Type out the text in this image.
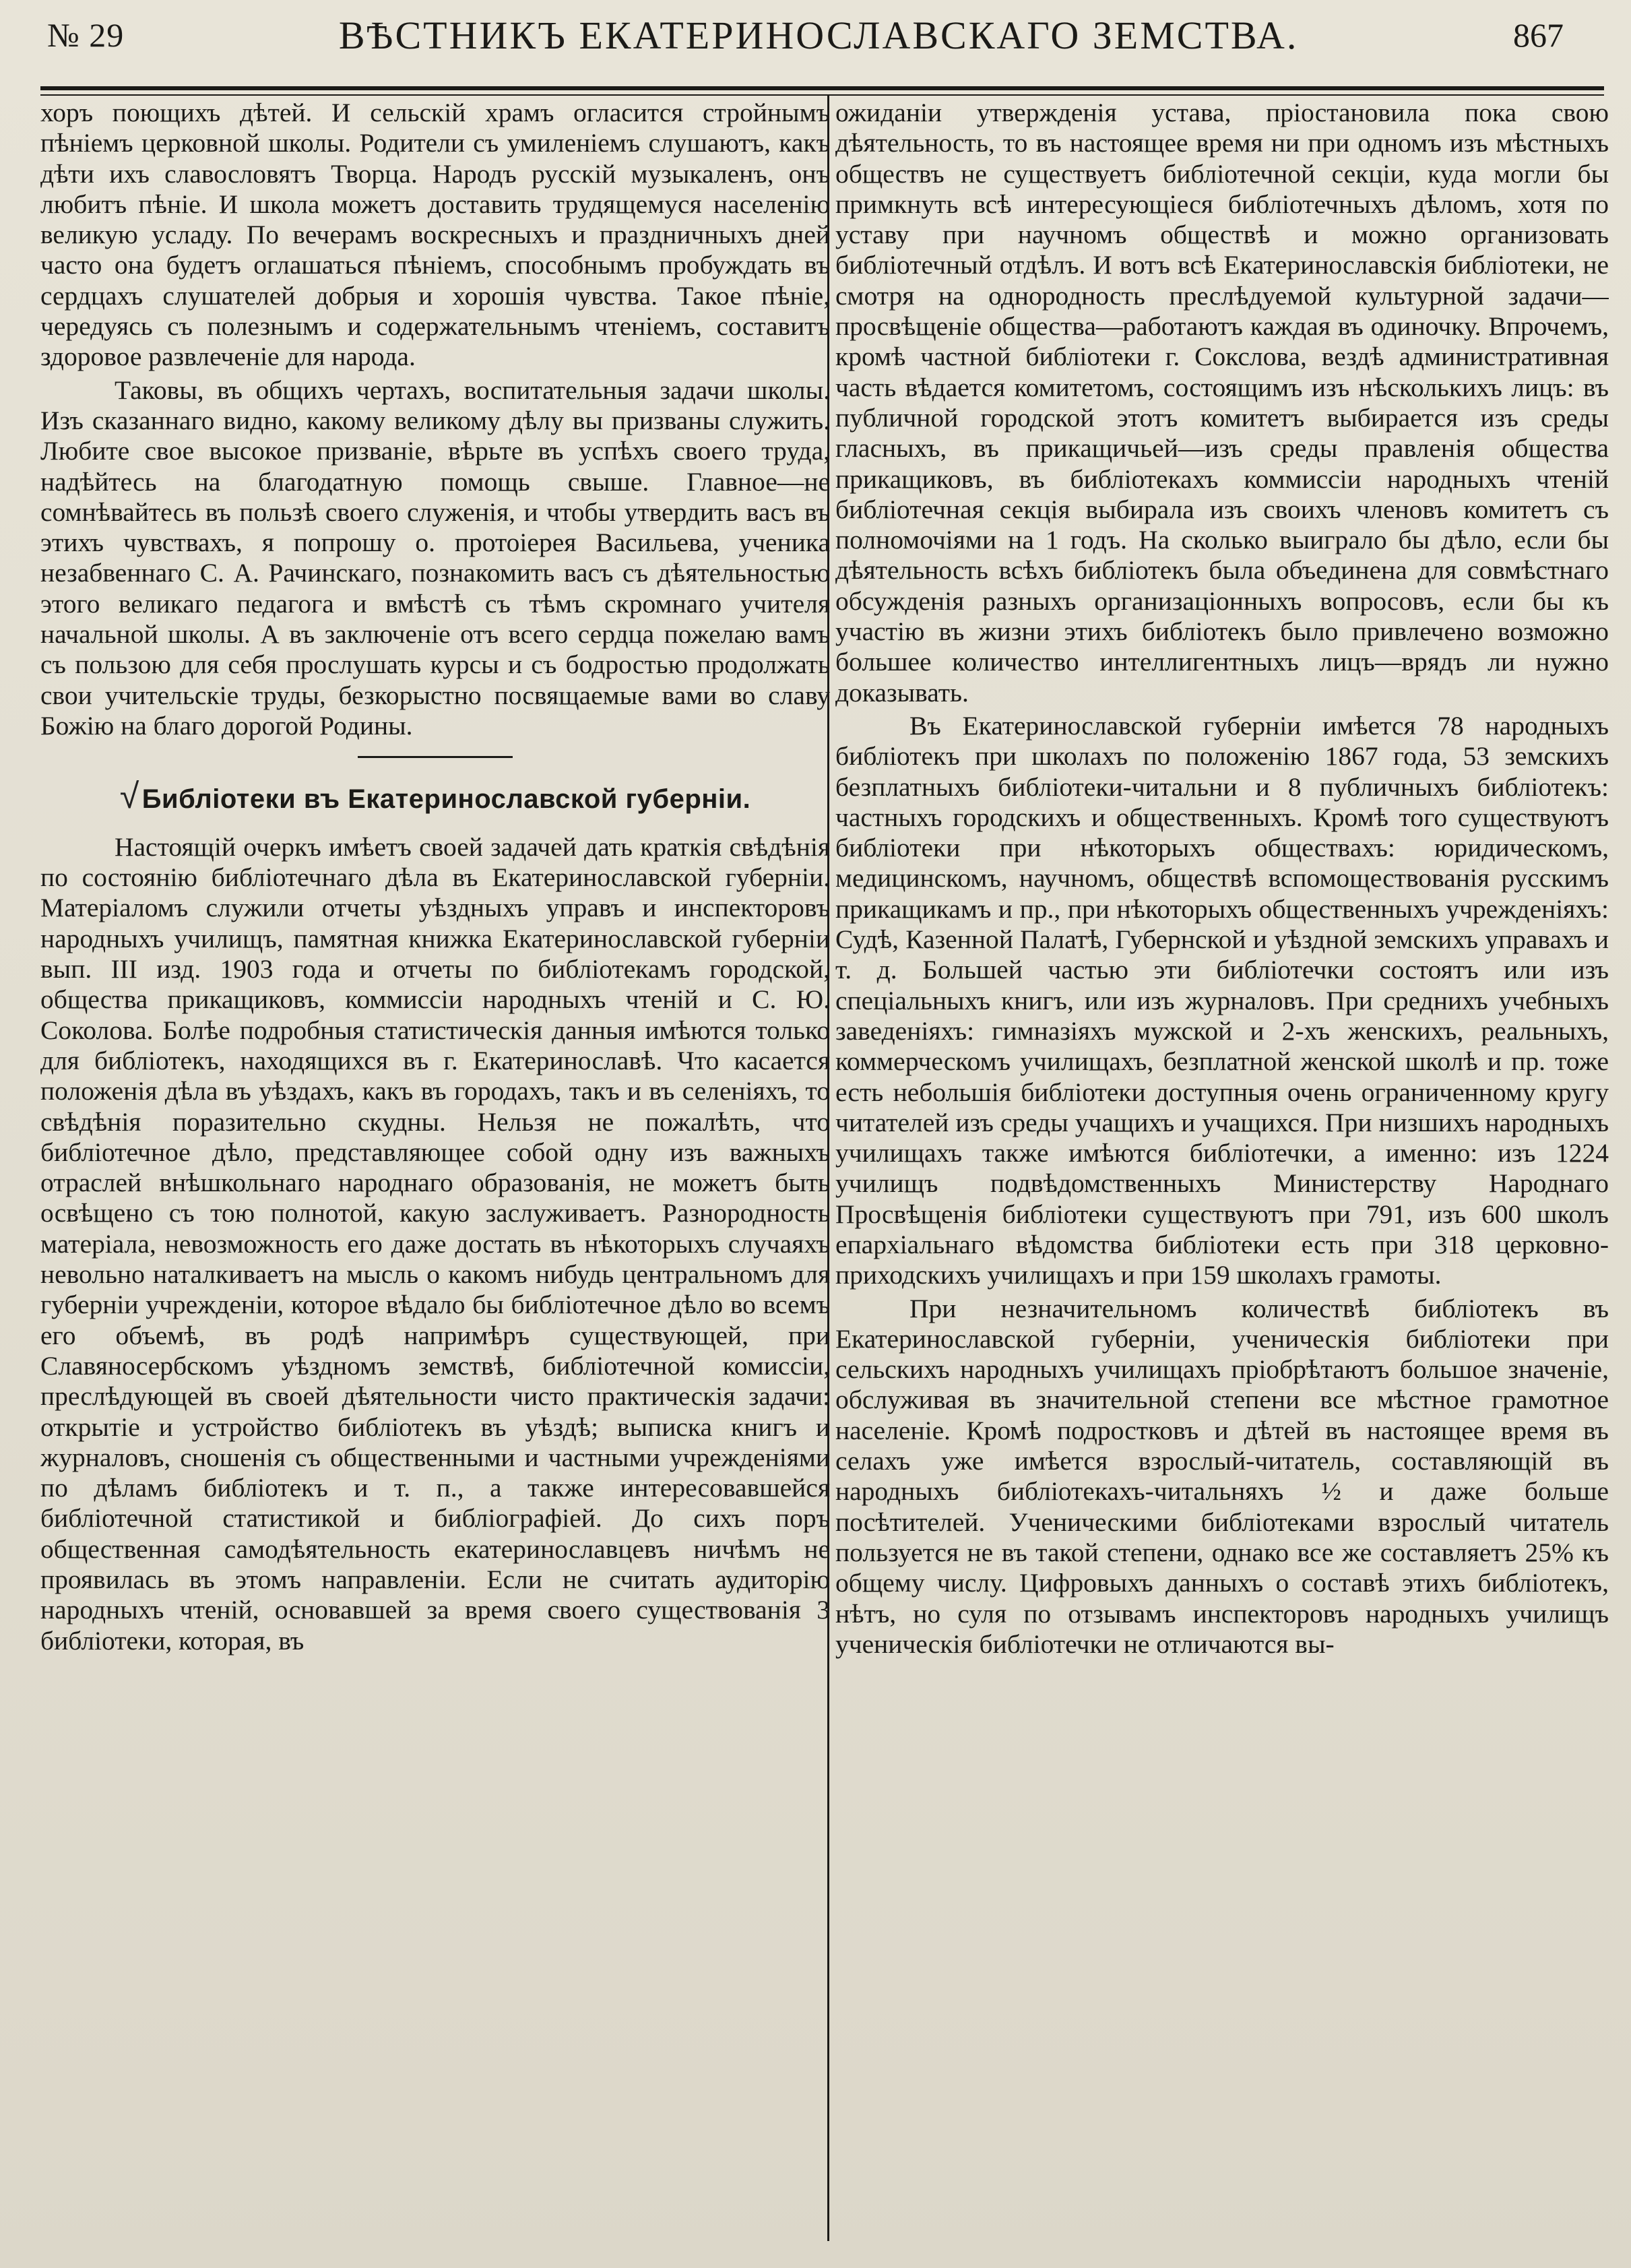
№ 29	ВѢСТНИКЪ ЕКАТЕРИНОСЛАВСКАГО ЗЕМСТВА.	867

хоръ поющихъ дѣтей. И сельскій храмъ огласится стройнымъ пѣніемъ церковной школы. Родители съ умиленіемъ слушаютъ, какъ дѣти ихъ славословятъ Творца. Народъ русскій музыкаленъ, онъ любитъ пѣніе. И школа можетъ доставить трудящемуся населенію великую усладу. По вечерамъ воскресныхъ и праздничныхъ дней часто она будетъ оглашаться пѣніемъ, способнымъ пробуждать въ сердцахъ слушателей добрыя и хорошія чувства. Такое пѣніе, чередуясь съ полезнымъ и содержательнымъ чтеніемъ, составитъ здоровое развлеченіе для народа.

Таковы, въ общихъ чертахъ, воспитательныя задачи школы. Изъ сказаннаго видно, какому великому дѣлу вы призваны служить. Любите свое высокое призваніе, вѣрьте въ успѣхъ своего труда, надѣйтесь на благодатную помощь свыше. Главное—не сомнѣвайтесь въ пользѣ своего служенія, и чтобы утвердить васъ въ этихъ чувствахъ, я попрошу о. протоіерея Васильева, ученика незабвеннаго С. А. Рачинскаго, познакомить васъ съ дѣятельностью этого великаго педагога и вмѣстѣ съ тѣмъ скромнаго учителя начальной школы. А въ заключеніе отъ всего сердца пожелаю вамъ съ пользою для себя прослушать курсы и съ бодростью продолжать свои учительскіе труды, безкорыстно посвящаемые вами во славу Божію на благо дорогой Родины.

√ Библіотеки въ Екатеринославской губерніи.

Настоящій очеркъ имѣетъ своей задачей дать краткія свѣдѣнія по состоянію библіотечнаго дѣла въ Екатеринославской губерніи. Матеріаломъ служили отчеты уѣздныхъ управъ и инспекторовъ народныхъ училищъ, памятная книжка Екатеринославской губерніи вып. III изд. 1903 года и отчеты по библіотекамъ городской, общества прикащиковъ, коммиссіи народныхъ чтеній и С. Ю. Соколова. Болѣе подробныя статистическія данныя имѣются только для библіотекъ, находящихся въ г. Екатеринославѣ. Что касается положенія дѣла въ уѣздахъ, какъ въ городахъ, такъ и въ селеніяхъ, то свѣдѣнія поразительно скудны. Нельзя не пожалѣть, что библіотечное дѣло, представляющее собой одну изъ важныхъ отраслей внѣшкольнаго народнаго образованія, не можетъ быть освѣщено съ тою полнотой, какую заслуживаетъ. Разнородность матеріала, невозможность его даже достать въ нѣкоторыхъ случаяхъ невольно наталкиваетъ на мысль о какомъ нибудь центральномъ для губерніи учрежденіи, которое вѣдало бы библіотечное дѣло во всемъ его объемѣ, въ родѣ напримѣръ существующей, при Славяносербскомъ уѣздномъ земствѣ, библіотечной комиссіи, преслѣдующей въ своей дѣятельности чисто практическія задачи: открытіе и устройство библіотекъ въ уѣздѣ; выписка книгъ и журналовъ, сношенія съ общественными и частными учрежденіями по дѣламъ библіотекъ и т. п., а также интересовавшейся библіотечной статистикой и библіографіей. До сихъ поръ общественная самодѣятельность екатеринославцевъ ничѣмъ не проявилась въ этомъ направленіи. Если не считать аудиторію народныхъ чтеній, основавшей за время своего существованія 3 библіотеки, которая, въ

ожиданіи утвержденія устава, пріостановила пока свою дѣятельность, то въ настоящее время ни при одномъ изъ мѣстныхъ обществъ не существуетъ библіотечной секціи, куда могли бы примкнуть всѣ интересующіеся библіотечныхъ дѣломъ, хотя по уставу при научномъ обществѣ и можно организовать библіотечный отдѣлъ. И вотъ всѣ Екатеринославскія библіотеки, не смотря на однородность преслѣдуемой культурной задачи—просвѣщеніе общества—работаютъ каждая въ одиночку. Впрочемъ, кромѣ частной библіотеки г. Сокслова, вездѣ административная часть вѣдается комитетомъ, состоящимъ изъ нѣсколькихъ лицъ: въ публичной городской этотъ комитетъ выбирается изъ среды гласныхъ, въ прикащичьей—изъ среды правленія общества прикащиковъ, въ библіотекахъ коммиссіи народныхъ чтеній библіотечная секція выбирала изъ своихъ членовъ комитетъ съ полномочіями на 1 годъ. На сколько выиграло бы дѣло, если бы дѣятельность всѣхъ библіотекъ была объединена для совмѣстнаго обсужденія разныхъ организаціонныхъ вопросовъ, если бы къ участію въ жизни этихъ библіотекъ было привлечено возможно большее количество интеллигентныхъ лицъ—врядъ ли нужно доказывать.

Въ Екатеринославской губерніи имѣется 78 народныхъ библіотекъ при школахъ по положенію 1867 года, 53 земскихъ безплатныхъ библіотеки-читальни и 8 публичныхъ библіотекъ: частныхъ городскихъ и общественныхъ. Кромѣ того существуютъ библіотеки при нѣкоторыхъ обществахъ: юридическомъ, медицинскомъ, научномъ, обществѣ вспомоществованія русскимъ прикащикамъ и пр., при нѣкоторыхъ общественныхъ учрежденіяхъ: Судѣ, Казенной Палатѣ, Губернской и уѣздной земскихъ управахъ и т. д. Большей частью эти библіотечки состоятъ или изъ спеціальныхъ книгъ, или изъ журналовъ. При среднихъ учебныхъ заведеніяхъ: гимназіяхъ мужской и 2-хъ женскихъ, реальныхъ, коммерческомъ училищахъ, безплатной женской школѣ и пр. тоже есть небольшія библіотеки доступныя очень ограниченному кругу читателей изъ среды учащихъ и учащихся. При низшихъ народныхъ училищахъ также имѣются библіотечки, а именно: изъ 1224 училищъ подвѣдомственныхъ Министерству Народнаго Просвѣщенія библіотеки существуютъ при 791, изъ 600 школъ епархіальнаго вѣдомства библіотеки есть при 318 церковно-приходскихъ училищахъ и при 159 школахъ грамоты.

При незначительномъ количествѣ библіотекъ въ Екатеринославской губерніи, ученическія библіотеки при сельскихъ народныхъ училищахъ пріобрѣтаютъ большое значеніе, обслуживая въ значительной степени все мѣстное грамотное населеніе. Кромѣ подростковъ и дѣтей въ настоящее время въ селахъ уже имѣется взрослый-читатель, составляющій въ народныхъ библіотекахъ-читальняхъ ½ и даже больше посѣтителей. Ученическими библіотеками взрослый читатель пользуется не въ такой степени, однако все же составляетъ 25% къ общему числу. Цифровыхъ данныхъ о составѣ этихъ библіотекъ, нѣтъ, но суля по отзывамъ инспекторовъ народныхъ училищъ ученическія библіотечки не отличаются вы-
